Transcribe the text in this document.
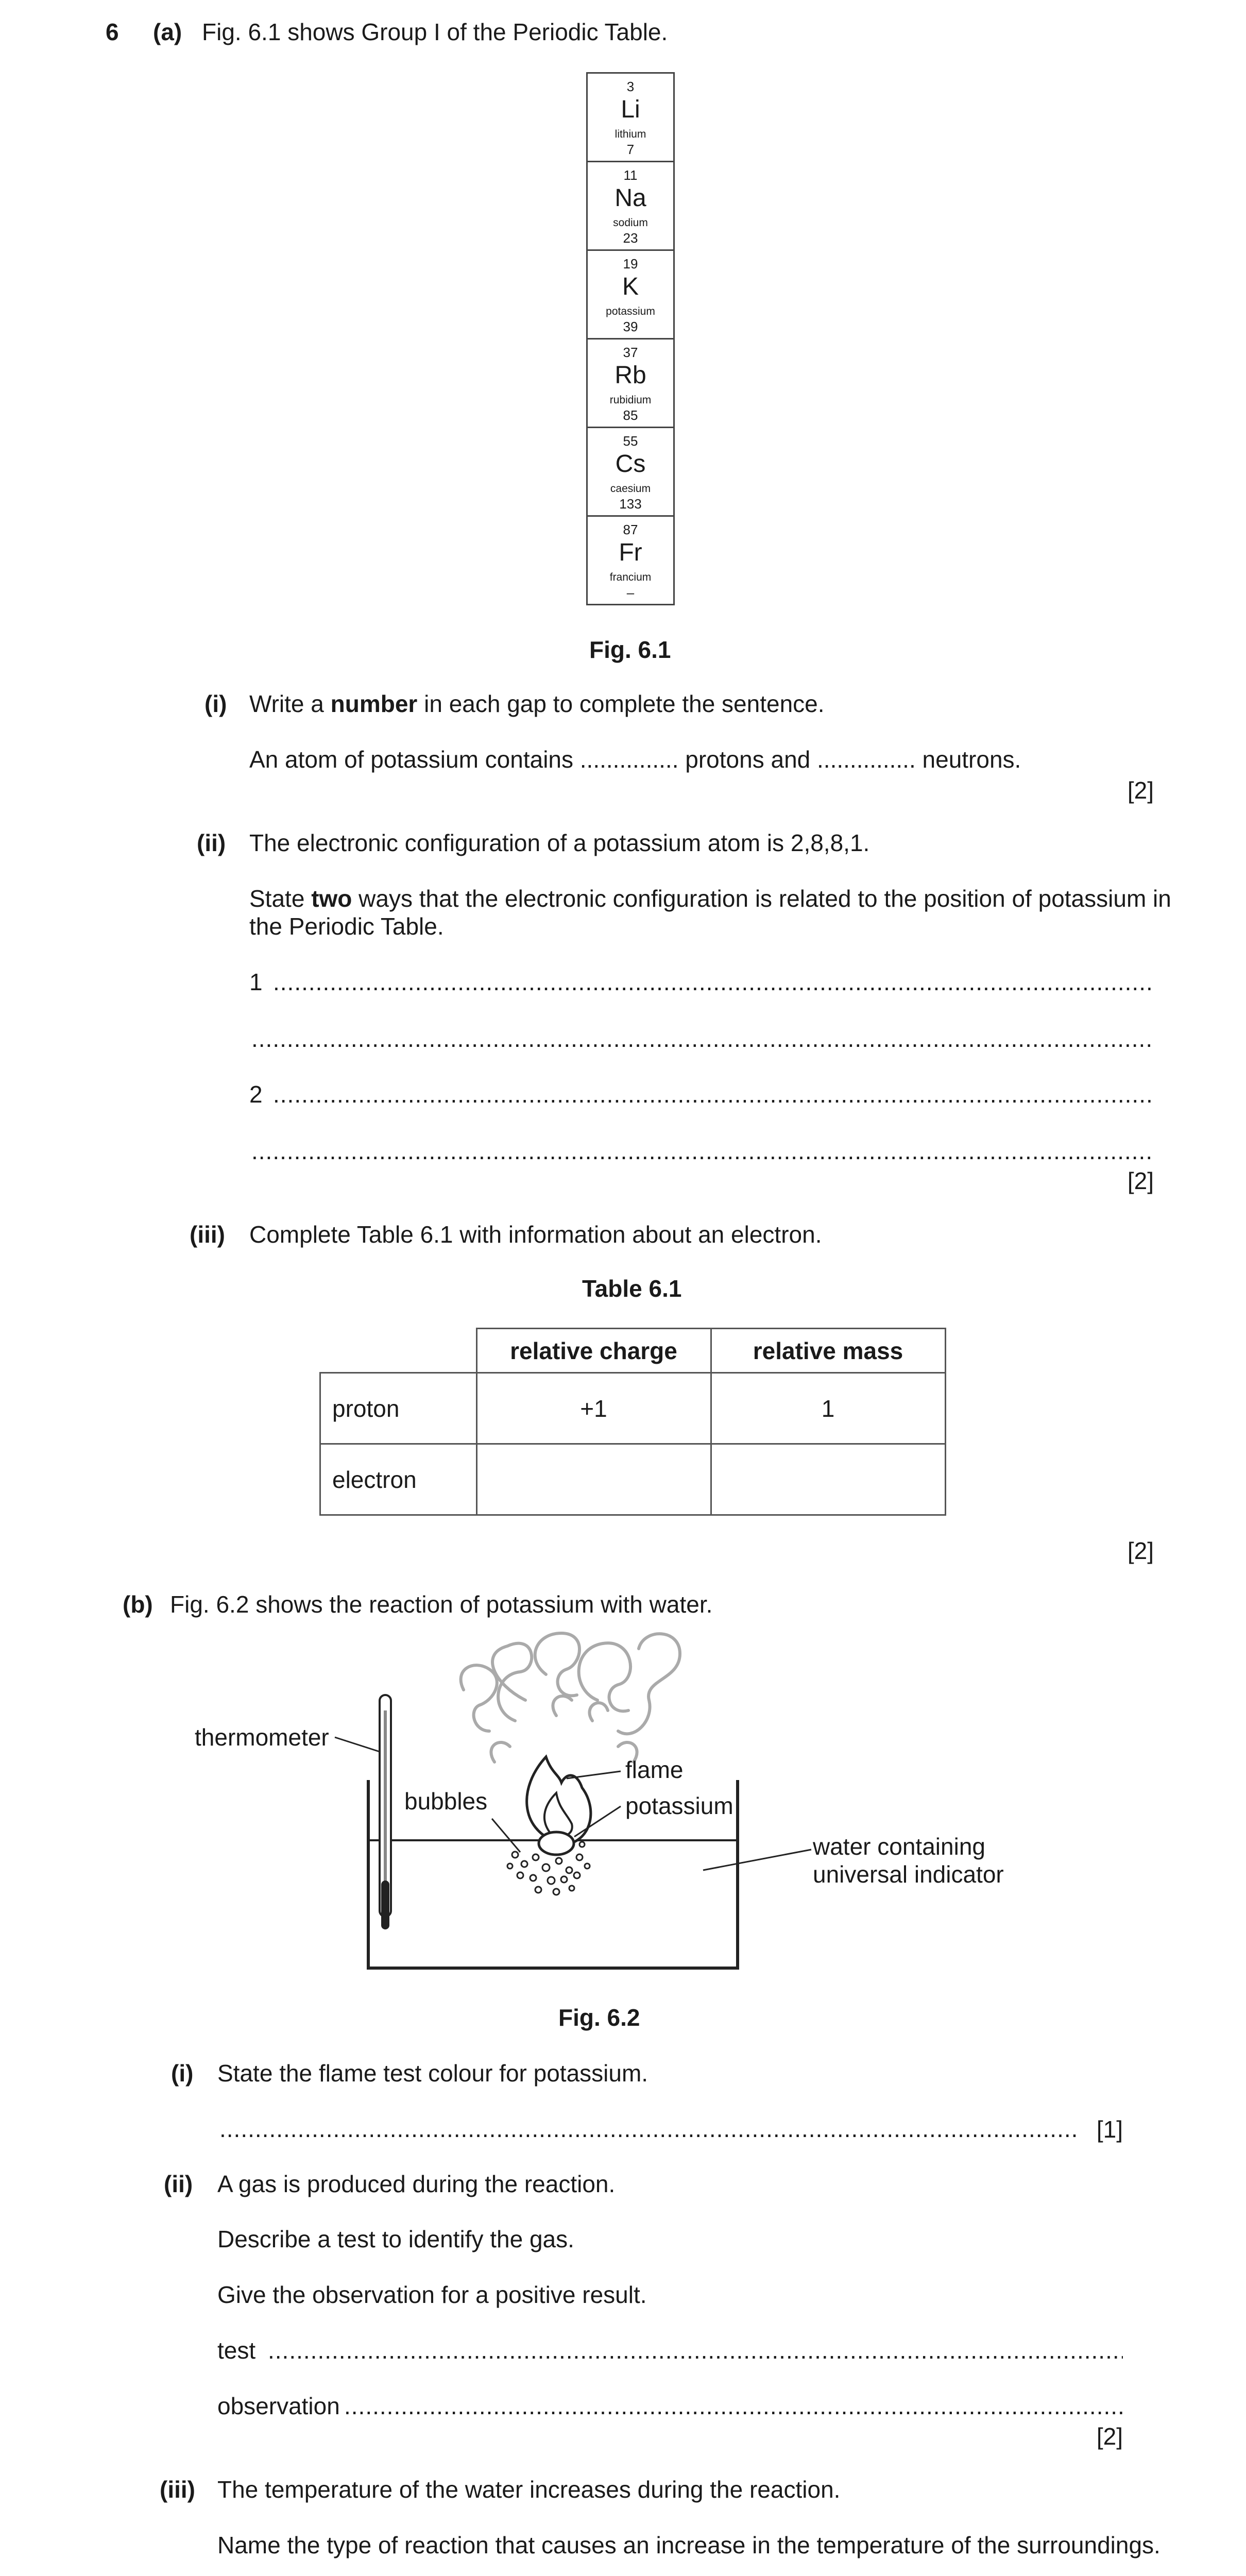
6 (a) Fig. 6.1 shows Group I of the Periodic Table.
3
Li
lithium
7
11
Na
sodium
23
19
K
potassium
39
37
Rb
rubidium
85
55
Cs
caesium
133
87
Fr
francium
–
Fig. 6.1
(i) Write a number in each gap to complete the sentence.
An atom of potassium contains ............... protons and ............... neutrons.
[2]
(ii) The electronic configuration of a potassium atom is 2,8,8,1.
State two ways that the electronic configuration is related to the position of potassium in
the Periodic Table.
1
.....
.....
2
.....
.....
[2]
(iii) Complete Table 6.1 with information about an electron.
Table 6.1
	relative charge	relative mass
proton	+1	1
electron		
[2]
(b) Fig. 6.2 shows the reaction of potassium with water.
thermometer
bubbles
flame
potassium
water containing
universal indicator
Fig. 6.2
(i) State the flame test colour for potassium.
.....
[1]
(ii) A gas is produced during the reaction.
Describe a test to identify the gas.
Give the observation for a positive result.
test
.....
observation
.....
[2]
(iii) The temperature of the water increases during the reaction.
Name the type of reaction that causes an increase in the temperature of the surroundings.
